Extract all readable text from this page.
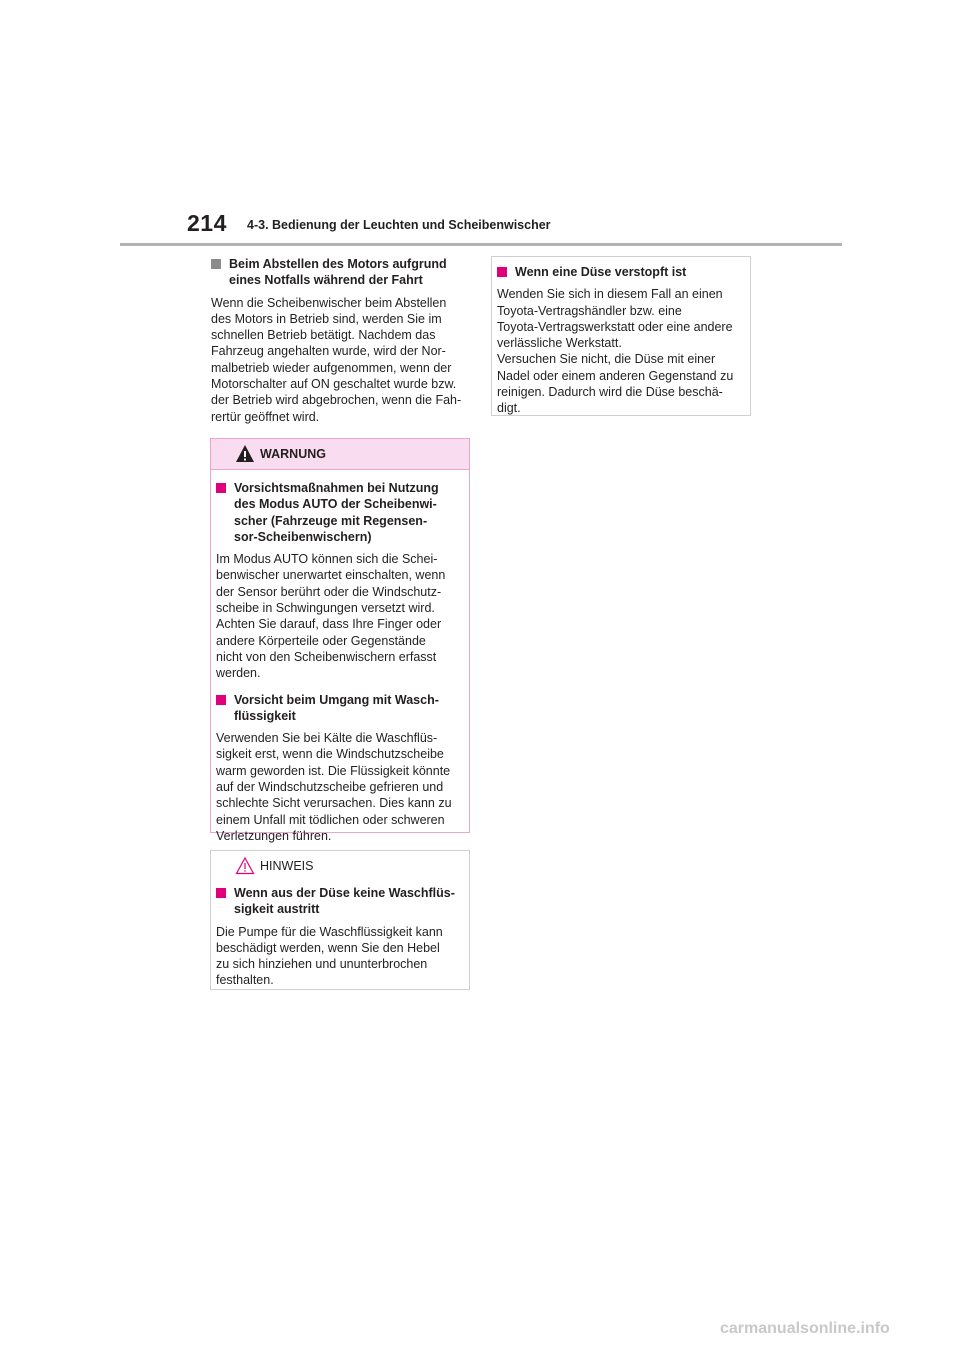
214 4-3. Bedienung der Leuchten und Scheibenwischer
Beim Abstellen des Motors aufgrund
eines Notfalls während der Fahrt

Wenn die Scheibenwischer beim Abstellen
des Motors in Betrieb sind, werden Sie im
schnellen Betrieb betätigt. Nachdem das
Fahrzeug angehalten wurde, wird der Nor-
malbetrieb wieder aufgenommen, wenn der
Motorschalter auf ON geschaltet wurde bzw.
der Betrieb wird abgebrochen, wenn die Fah-
rertür geöffnet wird.

WARNUNG
Vorsichtsmaßnahmen bei Nutzung
des Modus AUTO der Scheibenwi-
scher (Fahrzeuge mit Regensen-
sor-Scheibenwischern)

Im Modus AUTO können sich die Schei-
benwischer unerwartet einschalten, wenn
der Sensor berührt oder die Windschutz-
scheibe in Schwingungen versetzt wird.
Achten Sie darauf, dass Ihre Finger oder
andere Körperteile oder Gegenstände
nicht von den Scheibenwischern erfasst
werden.

Vorsicht beim Umgang mit Wasch-
flüssigkeit

Verwenden Sie bei Kälte die Waschflüs-
sigkeit erst, wenn die Windschutzscheibe
warm geworden ist. Die Flüssigkeit könnte
auf der Windschutzscheibe gefrieren und
schlechte Sicht verursachen. Dies kann zu
einem Unfall mit tödlichen oder schweren
Verletzungen führen.

HINWEIS
Wenn aus der Düse keine Waschflüs-
sigkeit austritt

Die Pumpe für die Waschflüssigkeit kann
beschädigt werden, wenn Sie den Hebel
zu sich hinziehen und ununterbrochen
festhalten.

Wenn eine Düse verstopft ist

Wenden Sie sich in diesem Fall an einen
Toyota-Vertragshändler bzw. eine
Toyota-Vertragswerkstatt oder eine andere
verlässliche Werkstatt.
Versuchen Sie nicht, die Düse mit einer
Nadel oder einem anderen Gegenstand zu
reinigen. Dadurch wird die Düse beschä-
digt.

carmanualsonline.info
